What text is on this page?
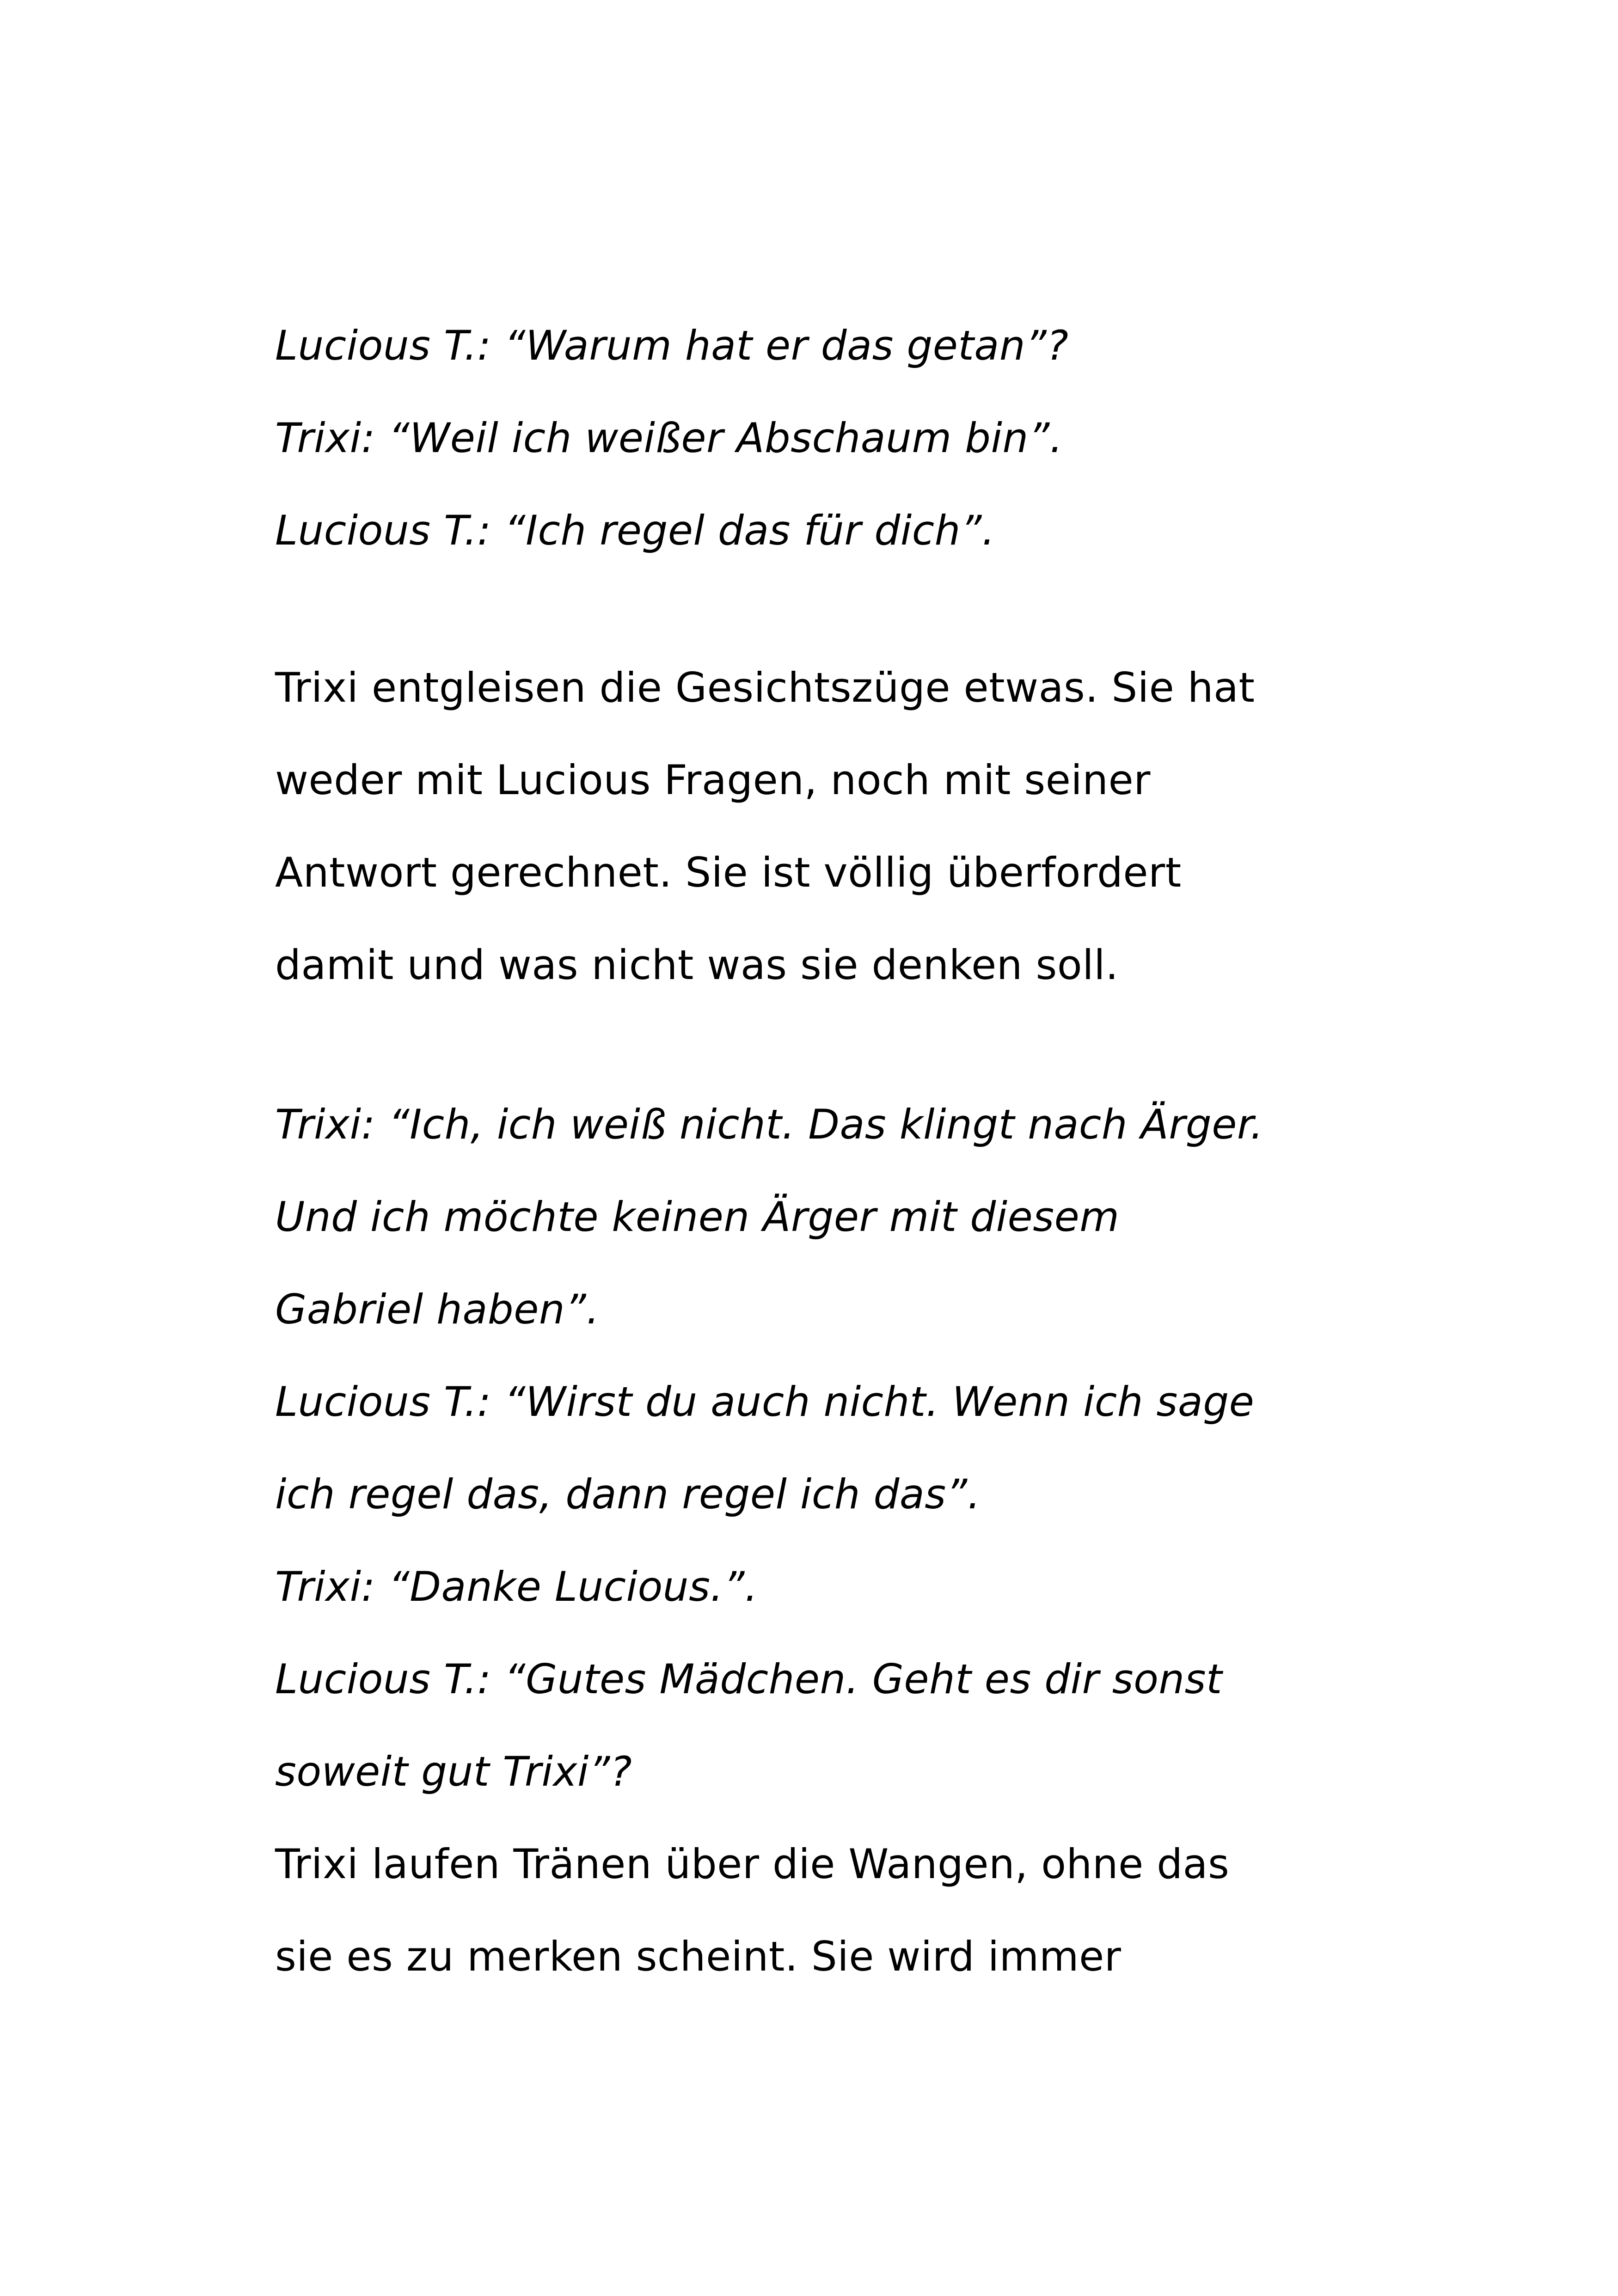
Lucious T.: “Warum hat er das getan”?
Trixi: “Weil ich weißer Abschaum bin”.
Lucious T.: “Ich regel das für dich”.
Trixi entgleisen die Gesichtszüge etwas. Sie hat
weder mit Lucious Fragen, noch mit seiner
Antwort gerechnet. Sie ist völlig überfordert
damit und was nicht was sie denken soll.
Trixi: “Ich, ich weiß nicht. Das klingt nach Ärger.
Und ich möchte keinen Ärger mit diesem
Gabriel haben”.
Lucious T.: “Wirst du auch nicht. Wenn ich sage
ich regel das, dann regel ich das”.
Trixi: “Danke Lucious.”.
Lucious T.: “Gutes Mädchen. Geht es dir sonst
soweit gut Trixi”?
Trixi laufen Tränen über die Wangen, ohne das
sie es zu merken scheint. Sie wird immer
